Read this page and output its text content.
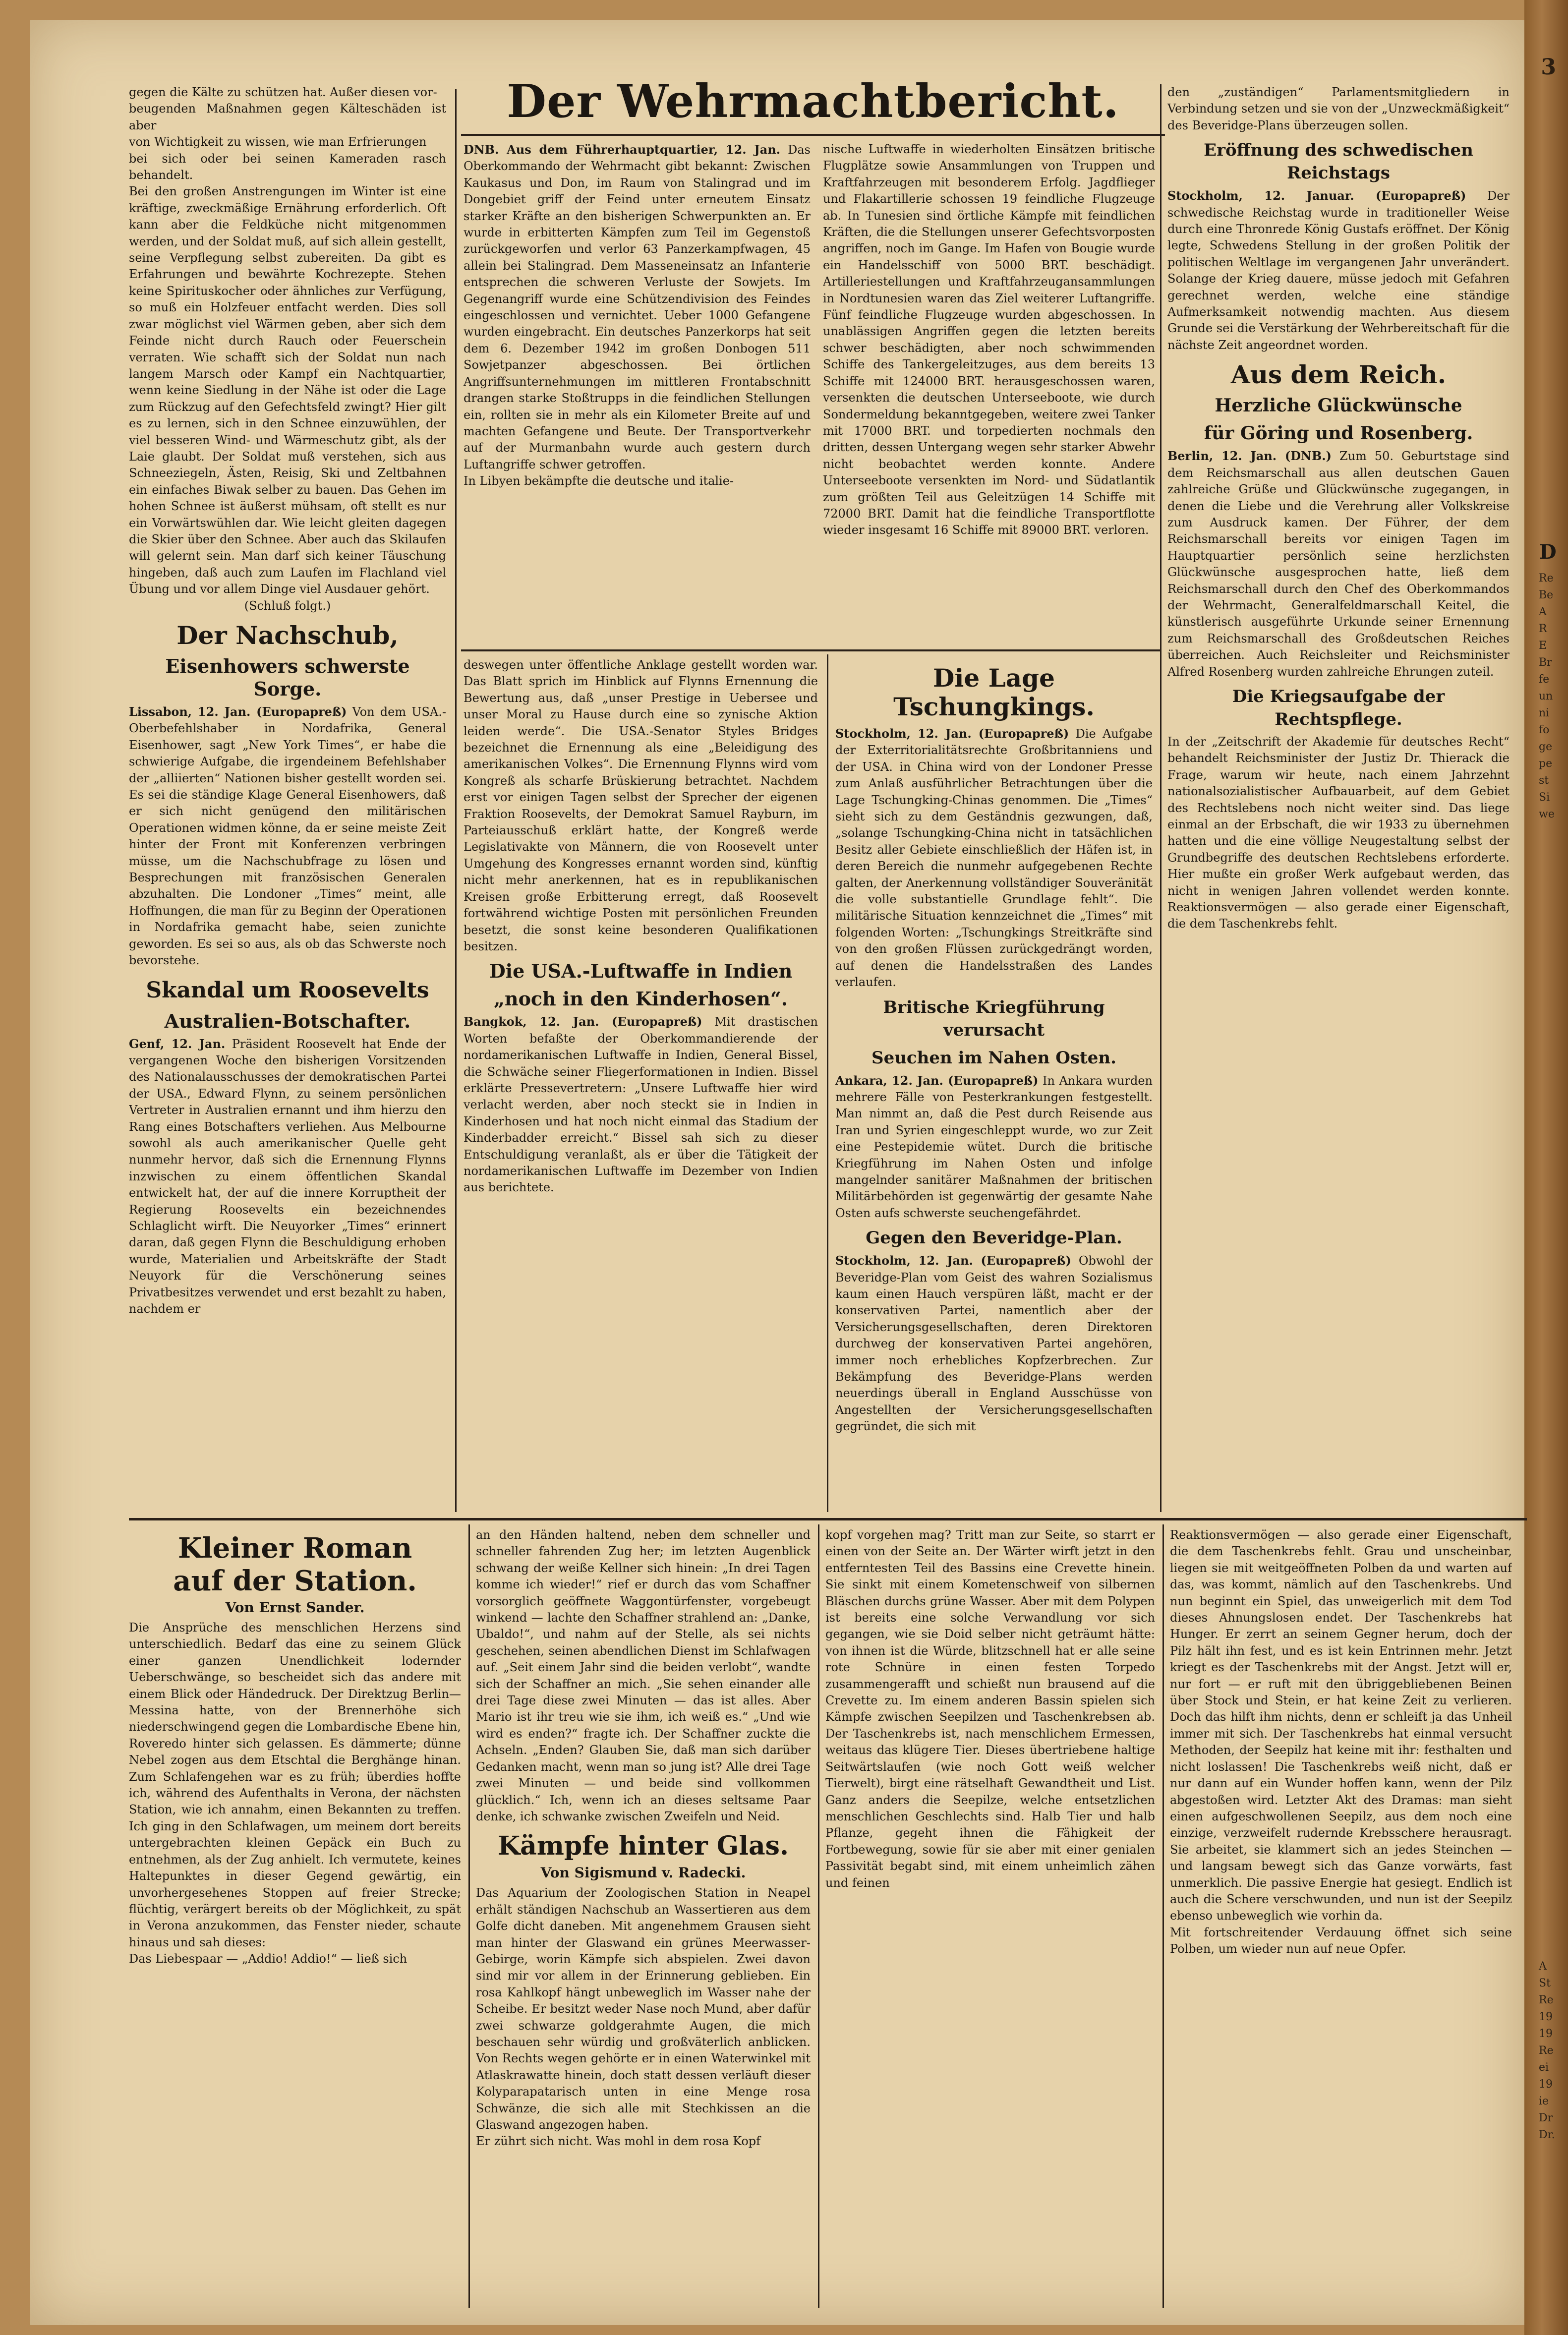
3
D
Re
Be
A
R
E
Br
fe
un
ni
fo
ge
pe
st
Si
we
A
St
Re
19
19
Re
ei
19
ie
Dr
Dr.
Der Wehrmachtbericht.

gegen die Kälte zu schützen hat. Außer diesen vor-

beugenden Maßnahmen gegen Kälteschäden ist aber

von Wichtigkeit zu wissen, wie man Erfrierungen

bei sich oder bei seinen Kameraden rasch behandelt.

Bei den großen Anstrengungen im Winter ist eine kräftige, zweckmäßige Ernährung erforderlich. Oft kann aber die Feldküche nicht mitgenommen werden, und der Soldat muß, auf sich allein gestellt, seine Verpflegung selbst zubereiten. Da gibt es Erfahrungen und bewährte Kochrezepte. Stehen keine Spirituskocher oder ähnliches zur Verfügung, so muß ein Holzfeuer entfacht werden. Dies soll zwar möglichst viel Wärmen geben, aber sich dem Feinde nicht durch Rauch oder Feuerschein verraten. Wie schafft sich der Soldat nun nach langem Marsch oder Kampf ein Nachtquartier, wenn keine Siedlung in der Nähe ist oder die Lage zum Rückzug auf den Gefechtsfeld zwingt? Hier gilt es zu lernen, sich in den Schnee einzuwühlen, der viel besseren Wind- und Wärmeschutz gibt, als der Laie glaubt. Der Soldat muß verstehen, sich aus Schneeziegeln, Ästen, Reisig, Ski und Zeltbahnen ein einfaches Biwak selber zu bauen. Das Gehen im hohen Schnee ist äußerst mühsam, oft stellt es nur ein Vorwärtswühlen dar. Wie leicht gleiten dagegen die Skier über den Schnee. Aber auch das Skilaufen will gelernt sein. Man darf sich keiner Täuschung hingeben, daß auch zum Laufen im Flachland viel Übung und vor allem Dinge viel Ausdauer gehört.

(Schluß folgt.)

Der Nachschub,
Eisenhowers schwerste Sorge.

Lissabon, 12. Jan. (Europapreß) Von dem USA.-Oberbefehlshaber in Nordafrika, General Eisenhower, sagt „New York Times“, er habe die schwierige Aufgabe, die irgendeinem Befehlshaber der „alliierten“ Nationen bisher gestellt worden sei. Es sei die ständige Klage General Eisenhowers, daß er sich nicht genügend den militärischen Operationen widmen könne, da er seine meiste Zeit hinter der Front mit Konferenzen verbringen müsse, um die Nachschubfrage zu lösen und Besprechungen mit französischen Generalen abzuhalten. Die Londoner „Times“ meint, alle Hoffnungen, die man für zu Beginn der Operationen in Nordafrika gemacht habe, seien zunichte geworden. Es sei so aus, als ob das Schwerste noch bevorstehe.

Skandal um Roosevelts
Australien-Botschafter.

Genf, 12. Jan. Präsident Roosevelt hat Ende der vergangenen Woche den bisherigen Vorsitzenden des Nationalausschusses der demokratischen Partei der USA., Edward Flynn, zu seinem persönlichen Vertreter in Australien ernannt und ihm hierzu den Rang eines Botschafters verliehen. Aus Melbourne sowohl als auch amerikanischer Quelle geht nunmehr hervor, daß sich die Ernennung Flynns inzwischen zu einem öffentlichen Skandal entwickelt hat, der auf die innere Korruptheit der Regierung Roosevelts ein bezeichnendes Schlaglicht wirft. Die Neuyorker „Times“ erinnert daran, daß gegen Flynn die Beschuldigung erhoben wurde, Materialien und Arbeitskräfte der Stadt Neuyork für die Verschönerung seines Privatbesitzes verwendet und erst bezahlt zu haben, nachdem er

DNB. Aus dem Führerhauptquartier, 12. Jan. Das Oberkommando der Wehrmacht gibt bekannt: Zwischen Kaukasus und Don, im Raum von Stalingrad und im Dongebiet griff der Feind unter erneutem Einsatz starker Kräfte an den bisherigen Schwerpunkten an. Er wurde in erbitterten Kämpfen zum Teil im Gegenstoß zurückgeworfen und verlor 63 Panzerkampfwagen, 45 allein bei Stalingrad. Dem Masseneinsatz an Infanterie entsprechen die schweren Verluste der Sowjets. Im Gegenangriff wurde eine Schützendivision des Feindes eingeschlossen und vernichtet. Ueber 1000 Gefangene wurden eingebracht. Ein deutsches Panzerkorps hat seit dem 6. Dezember 1942 im großen Donbogen 511 Sowjetpanzer abgeschossen. Bei örtlichen Angriffsunternehmungen im mittleren Frontabschnitt drangen starke Stoßtrupps in die feindlichen Stellungen ein, rollten sie in mehr als ein Kilometer Breite auf und machten Gefangene und Beute. Der Transportverkehr auf der Murmanbahn wurde auch gestern durch Luftangriffe schwer getroffen.

In Libyen bekämpfte die deutsche und italie-

nische Luftwaffe in wiederholten Einsätzen britische Flugplätze sowie Ansammlungen von Truppen und Kraftfahrzeugen mit besonderem Erfolg. Jagdflieger und Flakartillerie schossen 19 feindliche Flugzeuge ab. In Tunesien sind örtliche Kämpfe mit feindlichen Kräften, die die Stellungen unserer Gefechtsvorposten angriffen, noch im Gange. Im Hafen von Bougie wurde ein Handelsschiff von 5000 BRT. beschädigt. Artilleriestellungen und Kraftfahrzeugansammlungen in Nordtunesien waren das Ziel weiterer Luftangriffe. Fünf feindliche Flugzeuge wurden abgeschossen. In unablässigen Angriffen gegen die letzten bereits schwer beschädigten, aber noch schwimmenden Schiffe des Tankergeleitzuges, aus dem bereits 13 Schiffe mit 124000 BRT. herausgeschossen waren, versenkten die deutschen Unterseeboote, wie durch Sondermeldung bekanntgegeben, weitere zwei Tanker mit 17000 BRT. und torpedierten nochmals den dritten, dessen Untergang wegen sehr starker Abwehr nicht beobachtet werden konnte. Andere Unterseeboote versenkten im Nord- und Südatlantik zum größten Teil aus Geleitzügen 14 Schiffe mit 72000 BRT. Damit hat die feindliche Transportflotte wieder insgesamt 16 Schiffe mit 89000 BRT. verloren.

deswegen unter öffentliche Anklage gestellt worden war. Das Blatt sprich im Hinblick auf Flynns Ernennung die Bewertung aus, daß „unser Prestige in Uebersee und unser Moral zu Hause durch eine so zynische Aktion leiden werde“. Die USA.-Senator Styles Bridges bezeichnet die Ernennung als eine „Beleidigung des amerikanischen Volkes“. Die Ernennung Flynns wird vom Kongreß als scharfe Brüskierung betrachtet. Nachdem erst vor einigen Tagen selbst der Sprecher der eigenen Fraktion Roosevelts, der Demokrat Samuel Rayburn, im Parteiausschuß erklärt hatte, der Kongreß werde Legislativakte von Männern, die von Roosevelt unter Umgehung des Kongresses ernannt worden sind, künftig nicht mehr anerkennen, hat es in republikanischen Kreisen große Erbitterung erregt, daß Roosevelt fortwährend wichtige Posten mit persönlichen Freunden besetzt, die sonst keine besonderen Qualifikationen besitzen.

Die USA.-Luftwaffe in Indien
„noch in den Kinderhosen“.

Bangkok, 12. Jan. (Europapreß) Mit drastischen Worten befaßte der Oberkommandierende der nordamerikanischen Luftwaffe in Indien, General Bissel, die Schwäche seiner Fliegerformationen in Indien. Bissel erklärte Pressevertretern: „Unsere Luftwaffe hier wird verlacht werden, aber noch steckt sie in Indien in Kinderhosen und hat noch nicht einmal das Stadium der Kinderbadder erreicht.“ Bissel sah sich zu dieser Entschuldigung veranlaßt, als er über die Tätigkeit der nordamerikanischen Luftwaffe im Dezember von Indien aus berichtete.

Die Lage Tschungkings.

Stockholm, 12. Jan. (Europapreß) Die Aufgabe der Exterritorialitätsrechte Großbritanniens und der USA. in China wird von der Londoner Presse zum Anlaß ausführlicher Betrachtungen über die Lage Tschungking-Chinas genommen. Die „Times“ sieht sich zu dem Geständnis gezwungen, daß, „solange Tschungking-China nicht in tatsächlichen Besitz aller Gebiete einschließlich der Häfen ist, in deren Bereich die nunmehr aufgegebenen Rechte galten, der Anerkennung vollständiger Souveränität die volle substantielle Grundlage fehlt“. Die militärische Situation kennzeichnet die „Times“ mit folgenden Worten: „Tschungkings Streitkräfte sind von den großen Flüssen zurückgedrängt worden, auf denen die Handelsstraßen des Landes verlaufen.

Britische Kriegführung verursacht
Seuchen im Nahen Osten.

Ankara, 12. Jan. (Europapreß) In Ankara wurden mehrere Fälle von Pesterkrankungen festgestellt. Man nimmt an, daß die Pest durch Reisende aus Iran und Syrien eingeschleppt wurde, wo zur Zeit eine Pestepidemie wütet. Durch die britische Kriegführung im Nahen Osten und infolge mangelnder sanitärer Maßnahmen der britischen Militärbehörden ist gegenwärtig der gesamte Nahe Osten aufs schwerste seuchengefährdet.

Gegen den Beveridge-Plan.

Stockholm, 12. Jan. (Europapreß) Obwohl der Beveridge-Plan vom Geist des wahren Sozialismus kaum einen Hauch verspüren läßt, macht er der konservativen Partei, namentlich aber der Versicherungsgesellschaften, deren Direktoren durchweg der konservativen Partei angehören, immer noch erhebliches Kopfzerbrechen. Zur Bekämpfung des Beveridge-Plans werden neuerdings überall in England Ausschüsse von Angestellten der Versicherungsgesellschaften gegründet, die sich mit

den „zuständigen“ Parlamentsmitgliedern in Verbindung setzen und sie von der „Unzweckmäßigkeit“ des Beveridge-Plans überzeugen sollen.

Eröffnung des schwedischen Reichstags

Stockholm, 12. Januar. (Europapreß) Der schwedische Reichstag wurde in traditioneller Weise durch eine Thronrede König Gustafs eröffnet. Der König legte, Schwedens Stellung in der großen Politik der politischen Weltlage im vergangenen Jahr unverändert. Solange der Krieg dauere, müsse jedoch mit Gefahren gerechnet werden, welche eine ständige Aufmerksamkeit notwendig machten. Aus diesem Grunde sei die Verstärkung der Wehrbereitschaft für die nächste Zeit angeordnet worden.

Aus dem Reich.
Herzliche Glückwünsche
für Göring und Rosenberg.

Berlin, 12. Jan. (DNB.) Zum 50. Geburtstage sind dem Reichsmarschall aus allen deutschen Gauen zahlreiche Grüße und Glückwünsche zugegangen, in denen die Liebe und die Verehrung aller Volkskreise zum Ausdruck kamen. Der Führer, der dem Reichsmarschall bereits vor einigen Tagen im Hauptquartier persönlich seine herzlichsten Glückwünsche ausgesprochen hatte, ließ dem Reichsmarschall durch den Chef des Oberkommandos der Wehrmacht, Generalfeldmarschall Keitel, die künstlerisch ausgeführte Urkunde seiner Ernennung zum Reichsmarschall des Großdeutschen Reiches überreichen. Auch Reichsleiter und Reichsminister Alfred Rosenberg wurden zahlreiche Ehrungen zuteil.

Die Kriegsaufgabe der Rechtspflege.

In der „Zeitschrift der Akademie für deutsches Recht“ behandelt Reichsminister der Justiz Dr. Thierack die Frage, warum wir heute, nach einem Jahrzehnt nationalsozialistischer Aufbauarbeit, auf dem Gebiet des Rechtslebens noch nicht weiter sind. Das liege einmal an der Erbschaft, die wir 1933 zu übernehmen hatten und die eine völlige Neugestaltung selbst der Grundbegriffe des deutschen Rechtslebens erforderte. Hier mußte ein großer Werk aufgebaut werden, das nicht in wenigen Jahren vollendet werden konnte. Reaktionsvermögen — also gerade einer Eigenschaft, die dem Taschenkrebs fehlt.

Kleiner Roman
auf der Station.
Von Ernst Sander.

Die Ansprüche des menschlichen Herzens sind unterschiedlich. Bedarf das eine zu seinem Glück einer ganzen Unendlichkeit lodernder Ueberschwänge, so bescheidet sich das andere mit einem Blick oder Händedruck. Der Direktzug Berlin—Messina hatte, von der Brennerhöhe sich niederschwingend gegen die Lombardische Ebene hin, Roveredo hinter sich gelassen. Es dämmerte; dünne Nebel zogen aus dem Etschtal die Berghänge hinan. Zum Schlafengehen war es zu früh; überdies hoffte ich, während des Aufenthalts in Verona, der nächsten Station, wie ich annahm, einen Bekannten zu treffen. Ich ging in den Schlafwagen, um meinem dort bereits untergebrachten kleinen Gepäck ein Buch zu entnehmen, als der Zug anhielt. Ich vermutete, keines Haltepunktes in dieser Gegend gewärtig, ein unvorhergesehenes Stoppen auf freier Strecke; flüchtig, verärgert bereits ob der Möglichkeit, zu spät in Verona anzukommen, das Fenster nieder, schaute hinaus und sah dieses:

Das Liebespaar — „Addio! Addio!“ — ließ sich

an den Händen haltend, neben dem schneller und schneller fahrenden Zug her; im letzten Augenblick schwang der weiße Kellner sich hinein: „In drei Tagen komme ich wieder!“ rief er durch das vom Schaffner vorsorglich geöffnete Waggontürfenster, vorgebeugt winkend — lachte den Schaffner strahlend an: „Danke, Ubaldo!“, und nahm auf der Stelle, als sei nichts geschehen, seinen abendlichen Dienst im Schlafwagen auf. „Seit einem Jahr sind die beiden verlobt“, wandte sich der Schaffner an mich. „Sie sehen einander alle drei Tage diese zwei Minuten — das ist alles. Aber Mario ist ihr treu wie sie ihm, ich weiß es.“ „Und wie wird es enden?“ fragte ich. Der Schaffner zuckte die Achseln. „Enden? Glauben Sie, daß man sich darüber Gedanken macht, wenn man so jung ist? Alle drei Tage zwei Minuten — und beide sind vollkommen glücklich.“ Ich, wenn ich an dieses seltsame Paar denke, ich schwanke zwischen Zweifeln und Neid.

Kämpfe hinter Glas.
Von Sigismund v. Radecki.

Das Aquarium der Zoologischen Station in Neapel erhält ständigen Nachschub an Wassertieren aus dem Golfe dicht daneben. Mit angenehmem Grausen sieht man hinter der Glaswand ein grünes Meerwasser-Gebirge, worin Kämpfe sich abspielen. Zwei davon sind mir vor allem in der Erinnerung geblieben. Ein rosa Kahlkopf hängt unbeweglich im Wasser nahe der Scheibe. Er besitzt weder Nase noch Mund, aber dafür zwei schwarze goldgerahmte Augen, die mich beschauen sehr würdig und großväterlich anblicken. Von Rechts wegen gehörte er in einen Waterwinkel mit Atlaskrawatte hinein, doch statt dessen verläuft dieser Kolyparapatarisch unten in eine Menge rosa Schwänze, die sich alle mit Stechkissen an die Glaswand angezogen haben.

Er zührt sich nicht. Was mohl in dem rosa Kopf

kopf vorgehen mag? Tritt man zur Seite, so starrt er einen von der Seite an. Der Wärter wirft jetzt in den entferntesten Teil des Bassins eine Crevette hinein. Sie sinkt mit einem Kometenschweif von silbernen Bläschen durchs grüne Wasser. Aber mit dem Polypen ist bereits eine solche Verwandlung vor sich gegangen, wie sie Doid selber nicht geträumt hätte: von ihnen ist die Würde, blitzschnell hat er alle seine rote Schnüre in einen festen Torpedo zusammengerafft und schießt nun brausend auf die Crevette zu. Im einem anderen Bassin spielen sich Kämpfe zwischen Seepilzen und Taschenkrebsen ab. Der Taschenkrebs ist, nach menschlichem Ermessen, weitaus das klügere Tier. Dieses übertriebene haltige Seitwärtslaufen (wie noch Gott weiß welcher Tierwelt), birgt eine rätselhaft Gewandtheit und List. Ganz anders die Seepilze, welche entsetzlichen menschlichen Geschlechts sind. Halb Tier und halb Pflanze, gegeht ihnen die Fähigkeit der Fortbewegung, sowie für sie aber mit einer genialen Passivität begabt sind, mit einem unheimlich zähen und feinen

Reaktionsvermögen — also gerade einer Eigenschaft, die dem Taschenkrebs fehlt. Grau und unscheinbar, liegen sie mit weitgeöffneten Polben da und warten auf das, was kommt, nämlich auf den Taschenkrebs. Und nun beginnt ein Spiel, das unweigerlich mit dem Tod dieses Ahnungslosen endet. Der Taschenkrebs hat Hunger. Er zerrt an seinem Gegner herum, doch der Pilz hält ihn fest, und es ist kein Entrinnen mehr. Jetzt kriegt es der Taschenkrebs mit der Angst. Jetzt will er, nur fort — er ruft mit den übriggebliebenen Beinen über Stock und Stein, er hat keine Zeit zu verlieren. Doch das hilft ihm nichts, denn er schleift ja das Unheil immer mit sich. Der Taschenkrebs hat einmal versucht Methoden, der Seepilz hat keine mit ihr: festhalten und nicht loslassen! Die Taschenkrebs weiß nicht, daß er nur dann auf ein Wunder hoffen kann, wenn der Pilz abgestoßen wird. Letzter Akt des Dramas: man sieht einen aufgeschwollenen Seepilz, aus dem noch eine einzige, verzweifelt rudernde Krebsschere herausragt. Sie arbeitet, sie klammert sich an jedes Steinchen — und langsam bewegt sich das Ganze vorwärts, fast unmerklich. Die passive Energie hat gesiegt. Endlich ist auch die Schere verschwunden, und nun ist der Seepilz ebenso unbeweglich wie vorhin da.

Mit fortschreitender Verdauung öffnet sich seine Polben, um wieder nun auf neue Opfer.
